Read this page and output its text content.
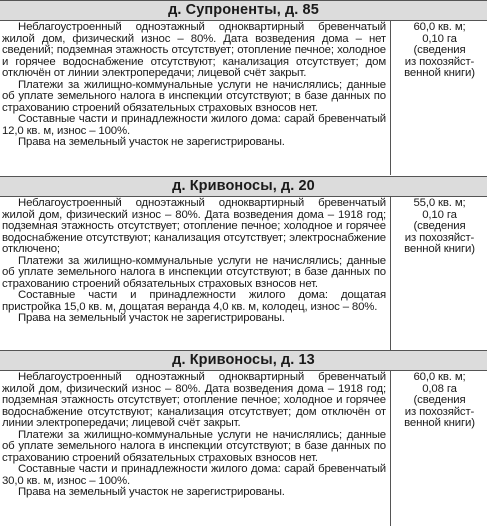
д. Супроненты, д. 85

Неблагоустроенный одноэтажный одноквартирный бревенчатый жилой дом, физический износ – 80%. Дата возведения дома – нет сведений; подземная этажность отсутствует; отопление печное; холодное и горячее водоснабжение отсутствуют; канализация отсутствует; дом отключён от линии электропередачи; лицевой счёт закрыт.

Платежи за жилищно-коммунальные услуги не начислялись; данные об уплате земельного налога в инспекции отсутствуют; в базе данных по страхованию строений обязательных страховых взносов нет.

Составные части и принадлежности жилого дома: сарай бревенчатый 12,0 кв. м, износ – 100%.

Права на земельный участок не зарегистрированы.

60,0 кв. м;
0,10 га
(сведения
из похозяйст-
венной книги)
д. Кривоносы, д. 20

Неблагоустроенный одноэтажный одноквартирный бревенчатый жилой дом, физический износ – 80%. Дата возведения дома – 1918 год; подземная этажность отсутствует; отопление печное; холодное и горячее водоснабжение отсутствуют; канализация отсутствует; электроснабжение отключено;

Платежи за жилищно-коммунальные услуги не начислялись; данные об уплате земельного налога в инспекции отсутствуют; в базе данных по страхованию строений обязательных страховых взносов нет.

Составные части и принадлежности жилого дома: дощатая пристройка 15,0 кв. м, дощатая веранда 4,0 кв. м, колодец, износ – 80%.

Права на земельный участок не зарегистрированы.

55,0 кв. м;
0,10 га
(сведения
из похозяйст-
венной книги)
д. Кривоносы, д. 13

Неблагоустроенный одноэтажный одноквартирный бревенчатый жилой дом, физический износ – 80%. Дата возведения дома – 1918 год; подземная этажность отсутствует; отопление печное; холодное и горячее водоснабжение отсутствуют; канализация отсутствует; дом отключён от линии электропередачи; лицевой счёт закрыт.

Платежи за жилищно-коммунальные услуги не начислялись; данные об уплате земельного налога в инспекции отсутствуют; в базе данных по страхованию строений обязательных страховых взносов нет.

Составные части и принадлежности жилого дома: сарай бревенчатый 30,0 кв. м, износ – 100%.

Права на земельный участок не зарегистрированы.

60,0 кв. м;
0,08 га
(сведения
из похозяйст-
венной книги)
